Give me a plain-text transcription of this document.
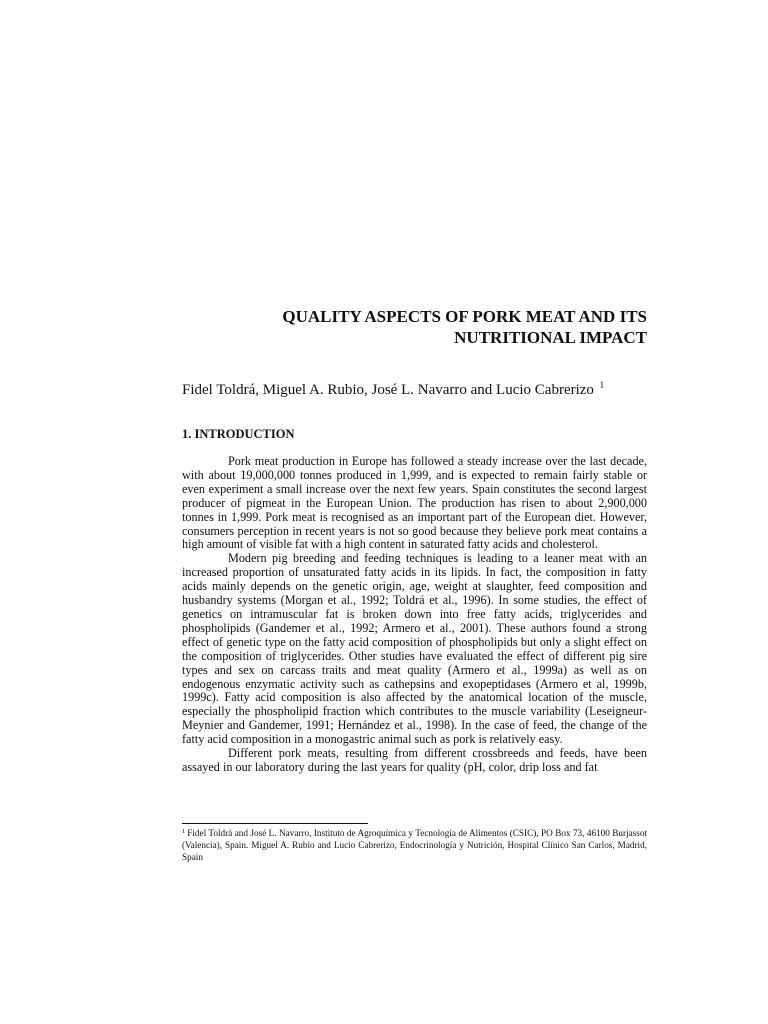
QUALITY ASPECTS OF PORK MEAT AND ITS
NUTRITIONAL IMPACT
Fidel Toldrá, Miguel A. Rubio, José L. Navarro and Lucio Cabrerizo $^1$
1. INTRODUCTION

Pork meat production in Europe has followed a steady increase over the last decade, with about 19,000,000 tonnes produced in 1,999, and is expected to remain fairly stable or even experiment a small increase over the next few years. Spain constitutes the second largest producer of pigmeat in the European Union. The production has risen to about 2,900,000 tonnes in 1,999. Pork meat is recognised as an important part of the European diet. However, consumers perception in recent years is not so good because they believe pork meat contains a high amount of visible fat with a high content in saturated fatty acids and cholesterol.

Modern pig breeding and feeding techniques is leading to a leaner meat with an increased proportion of unsaturated fatty acids in its lipids. In fact, the composition in fatty acids mainly depends on the genetic origin, age, weight at slaughter, feed composition and husbandry systems (Morgan et al., 1992; Toldrá et al., 1996). In some studies, the effect of genetics on intramuscular fat is broken down into free fatty acids, triglycerides and phospholipids (Gandemer et al., 1992; Armero et al., 2001). These authors found a strong effect of genetic type on the fatty acid composition of phospholipids but only a slight effect on the composition of triglycerides. Other studies have evaluated the effect of different pig sire types and sex on carcass traits and meat quality (Armero et al., 1999a) as well as on endogenous enzymatic activity such as cathepsins and exopeptidases (Armero et al, 1999b, 1999c). Fatty acid composition is also affected by the anatomical location of the muscle, especially the phospholipid fraction which contributes to the muscle variability (Leseigneur-Meynier and Gandemer, 1991; Hernández et al., 1998). In the case of feed, the change of the fatty acid composition in a monogastric animal such as pork is relatively easy.

Different pork meats, resulting from different crossbreeds and feeds, have been assayed in our laboratory during the last years for quality (pH, color, drip loss and fat

$^1$ Fidel Toldrá and José L. Navarro, Instituto de Agroquímica y Tecnología de Alimentos (CSIC), PO Box 73, 46100 Burjassot (Valencia), Spain. Miguel A. Rubio and Lucio Cabrerizo, Endocrinología y Nutrición, Hospital Clínico San Carlos, Madrid, Spain
